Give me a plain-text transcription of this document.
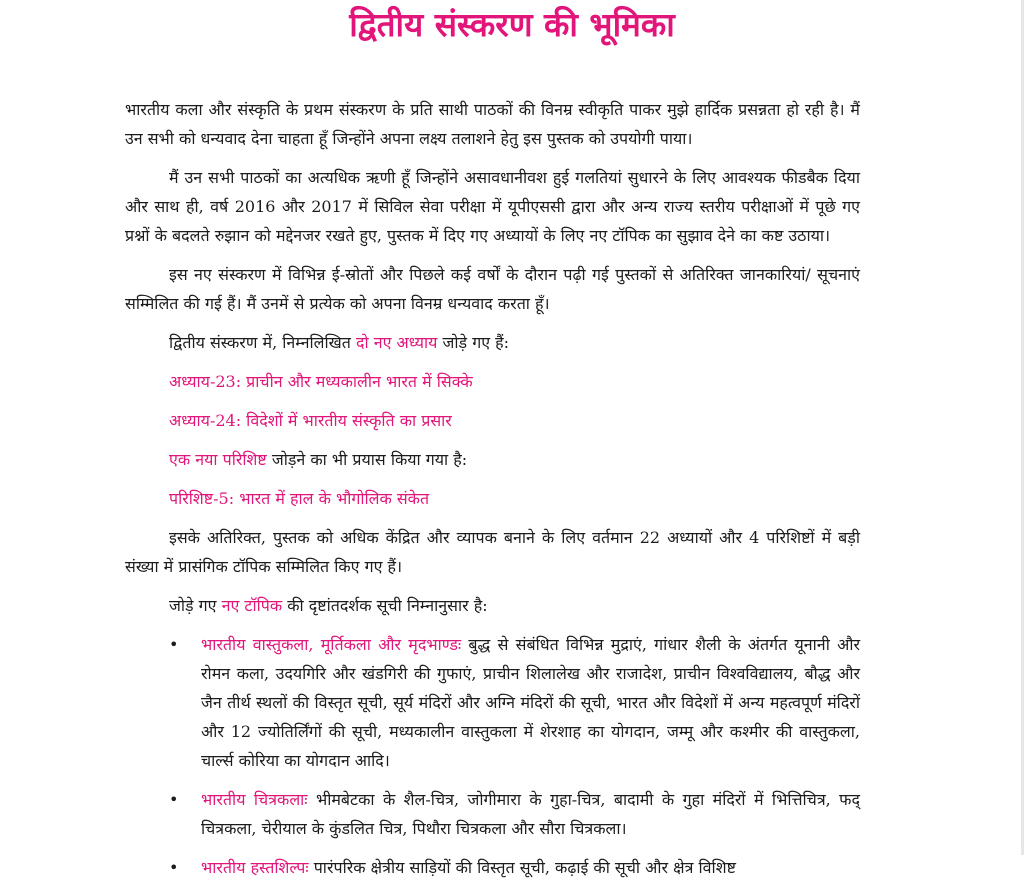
द्वितीय संस्करण की भूमिका

भारतीय कला और संस्कृति के प्रथम संस्करण के प्रति साथी पाठकों की विनम्र स्वीकृति पाकर मुझे हार्दिक प्रसन्नता हो रही है। मैं उन सभी को धन्यवाद देना चाहता हूँ जिन्होंने अपना लक्ष्य तलाशने हेतु इस पुस्तक को उपयोगी पाया।

मैं उन सभी पाठकों का अत्यधिक ऋणी हूँ जिन्होंने असावधानीवश हुई गलतियां सुधारने के लिए आवश्यक फीडबैक दिया और साथ ही, वर्ष 2016 और 2017 में सिविल सेवा परीक्षा में यूपीएससी द्वारा और अन्य राज्य स्तरीय परीक्षाओं में पूछे गए प्रश्नों के बदलते रुझान को मद्देनजर रखते हुए, पुस्तक में दिए गए अध्यायों के लिए नए टॉपिक का सुझाव देने का कष्ट उठाया।

इस नए संस्करण में विभिन्न ई-स्रोतों और पिछले कई वर्षों के दौरान पढ़ी गई पुस्तकों से अतिरिक्त जानकारियां/ सूचनाएं सम्मिलित की गई हैं। मैं उनमें से प्रत्येक को अपना विनम्र धन्यवाद करता हूँ।

द्वितीय संस्करण में, निम्नलिखित दो नए अध्याय जोड़े गए हैं:

अध्याय-23: प्राचीन और मध्यकालीन भारत में सिक्के

अध्याय-24: विदेशों में भारतीय संस्कृति का प्रसार

एक नया परिशिष्ट जोड़ने का भी प्रयास किया गया है:

परिशिष्ट-5: भारत में हाल के भौगोलिक संकेत

इसके अतिरिक्त, पुस्तक को अधिक केंद्रित और व्यापक बनाने के लिए वर्तमान 22 अध्यायों और 4 परिशिष्टों में बड़ी संख्या में प्रासंगिक टॉपिक सम्मिलित किए गए हैं।

जोड़े गए नए टॉपिक की दृष्टांतदर्शक सूची निम्नानुसार है:

• भारतीय वास्तुकला, मूर्तिकला और मृदभाण्डः बुद्ध से संबंधित विभिन्न मुद्राएं, गांधार शैली के अंतर्गत यूनानी और रोमन कला, उदयगिरि और खंडगिरी की गुफाएं, प्राचीन शिलालेख और राजादेश, प्राचीन विश्वविद्यालय, बौद्ध और जैन तीर्थ स्थलों की विस्तृत सूची, सूर्य मंदिरों और अग्नि मंदिरों की सूची, भारत और विदेशों में अन्य महत्वपूर्ण मंदिरों और 12 ज्योतिर्लिंगों की सूची, मध्यकालीन वास्तुकला में शेरशाह का योगदान, जम्मू और कश्मीर की वास्तुकला, चार्ल्स कोरिया का योगदान आदि।
• भारतीय चित्रकलाः भीमबेटका के शैल-चित्र, जोगीमारा के गुहा-चित्र, बादामी के गुहा मंदिरों में भित्तिचित्र, फद् चित्रकला, चेरीयाल के कुंडलित चित्र, पिथौरा चित्रकला और सौरा चित्रकला।
• भारतीय हस्तशिल्पः पारंपरिक क्षेत्रीय साड़ियों की विस्तृत सूची, कढ़ाई की सूची और क्षेत्र विशिष्ट
